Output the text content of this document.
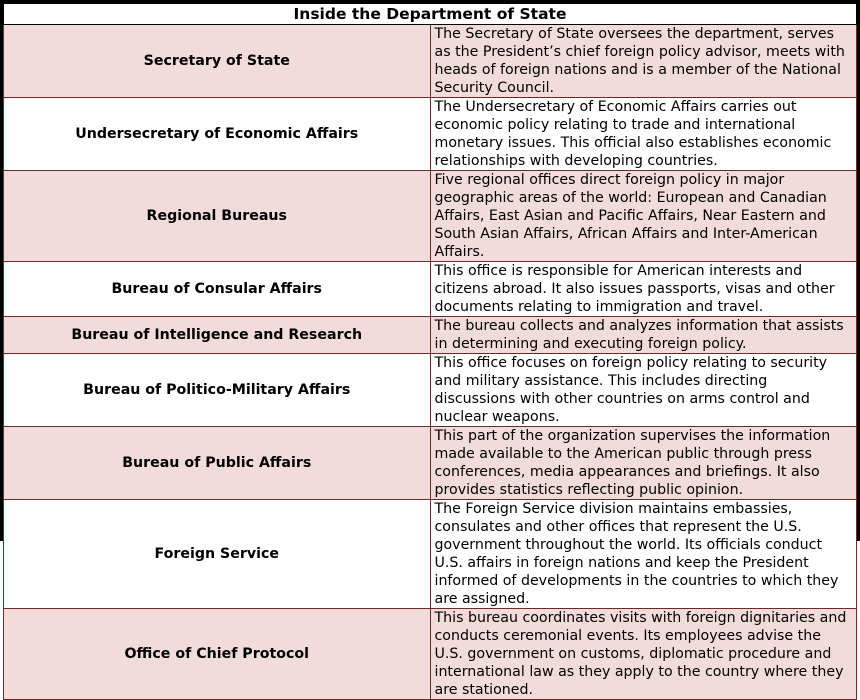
Inside the Department of State	
Secretary of State	The Secretary of State oversees the department, serves as the President’s chief foreign policy advisor, meets with heads of foreign nations and is a member of the National Security Council.
Undersecretary of Economic Affairs	The Undersecretary of Economic Affairs carries out economic policy relating to trade and international monetary issues. This official also establishes economic relationships with developing countries.
Regional Bureaus	Five regional offices direct foreign policy in major geographic areas of the world: European and Canadian Affairs, East Asian and Pacific Affairs, Near Eastern and South Asian Affairs, African Affairs and Inter-American Affairs.
Bureau of Consular Affairs	This office is responsible for American interests and citizens abroad. It also issues passports, visas and other documents relating to immigration and travel.
Bureau of Intelligence and Research	The bureau collects and analyzes information that assists in determining and executing foreign policy.
Bureau of Politico-Military Affairs	This office focuses on foreign policy relating to security and military assistance. This includes directing discussions with other countries on arms control and nuclear weapons.
Bureau of Public Affairs	This part of the organization supervises the information made available to the American public through press conferences, media appearances and briefings. It also provides statistics reflecting public opinion.
Foreign Service	The Foreign Service division maintains embassies, consulates and other offices that represent the U.S. government throughout the world. Its officials conduct U.S. affairs in foreign nations and keep the President informed of developments in the countries to which they are assigned.
Office of Chief Protocol	This bureau coordinates visits with foreign dignitaries and conducts ceremonial events. Its employees advise the U.S. government on customs, diplomatic procedure and international law as they apply to the country where they are stationed.
